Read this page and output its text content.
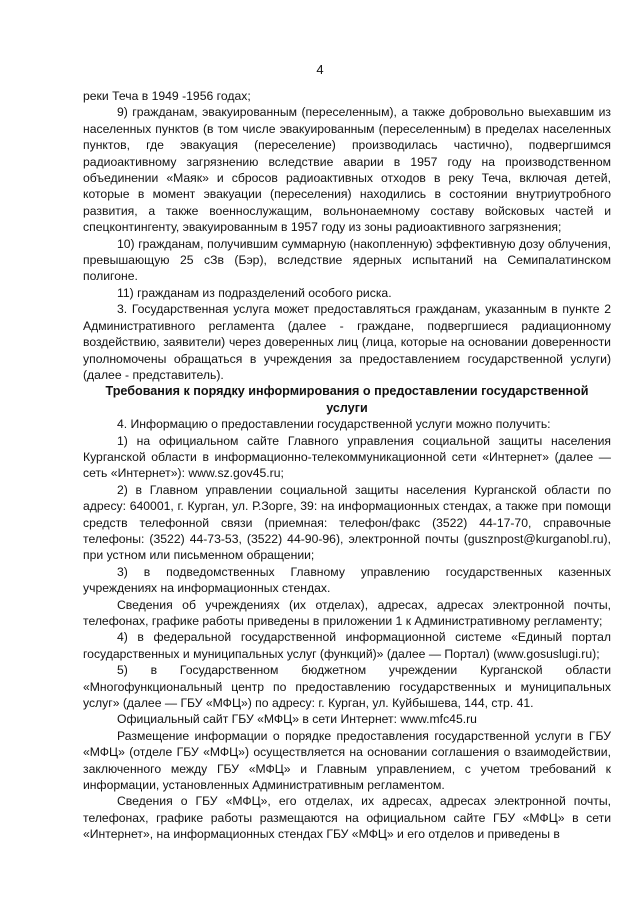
4

реки Теча в 1949 -1956 годах;

9) гражданам, эвакуированным (переселенным), а также добровольно выехавшим из населенных пунктов (в том числе эвакуированным (переселенным) в пределах населенных пунктов, где эвакуация (переселение) производилась частично), подвергшимся радиоактивному загрязнению вследствие аварии в 1957 году на производственном объединении «Маяк» и сбросов радиоактивных отходов в реку Теча, включая детей, которые в момент эвакуации (переселения) находились в состоянии внутриутробного развития, а также военнослужащим, вольнонаемному составу войсковых частей и спецконтингенту, эвакуированным в 1957 году из зоны радиоактивного загрязнения;

10) гражданам, получившим суммарную (накопленную) эффективную дозу облучения, превышающую 25 сЗв (Бэр), вследствие ядерных испытаний на Семипалатинском полигоне.

11) гражданам из подразделений особого риска.

3. Государственная услуга может предоставляться гражданам, указанным в пункте 2 Административного регламента (далее - граждане, подвергшиеся радиационному воздействию, заявители) через доверенных лиц (лица, которые на основании доверенности уполномочены обращаться в учреждения за предоставлением государственной услуги) (далее - представитель).

Требования к порядку информирования о предоставлении государственной услуги

4. Информацию о предоставлении государственной услуги можно получить:

1) на официальном сайте Главного управления социальной защиты населения Курганской области в информационно-телекоммуникационной сети «Интернет» (далее — сеть «Интернет»): www.sz.gov45.ru;

2) в Главном управлении социальной защиты населения Курганской области по адресу: 640001, г. Курган, ул. Р.Зорге, 39: на информационных стендах, а также при помощи средств телефонной связи (приемная: телефон/факс (3522) 44-17-70, справочные телефоны: (3522) 44-73-53, (3522) 44-90-96), электронной почты (gusznpost@kurganobl.ru), при устном или письменном обращении;

3) в подведомственных Главному управлению государственных казенных учреждениях на информационных стендах.

Сведения об учреждениях (их отделах), адресах, адресах электронной почты, телефонах, графике работы приведены в приложении 1 к Административному регламенту;

4) в федеральной государственной информационной системе «Единый портал государственных и муниципальных услуг (функций)» (далее — Портал) (www.gosuslugi.ru);

5) в Государственном бюджетном учреждении Курганской области «Многофункциональный центр по предоставлению государственных и муниципальных услуг» (далее — ГБУ «МФЦ») по адресу: г. Курган, ул. Куйбышева, 144, стр. 41.

Официальный сайт ГБУ «МФЦ» в сети Интернет: www.mfc45.ru

Размещение информации о порядке предоставления государственной услуги в ГБУ «МФЦ» (отделе ГБУ «МФЦ») осуществляется на основании соглашения о взаимодействии, заключенного между ГБУ «МФЦ» и Главным управлением, с учетом требований к информации, установленных Административным регламентом.

Сведения о ГБУ «МФЦ», его отделах, их адресах, адресах электронной почты, телефонах, графике работы размещаются на официальном сайте ГБУ «МФЦ» в сети «Интернет», на информационных стендах ГБУ «МФЦ» и его отделов и приведены в
